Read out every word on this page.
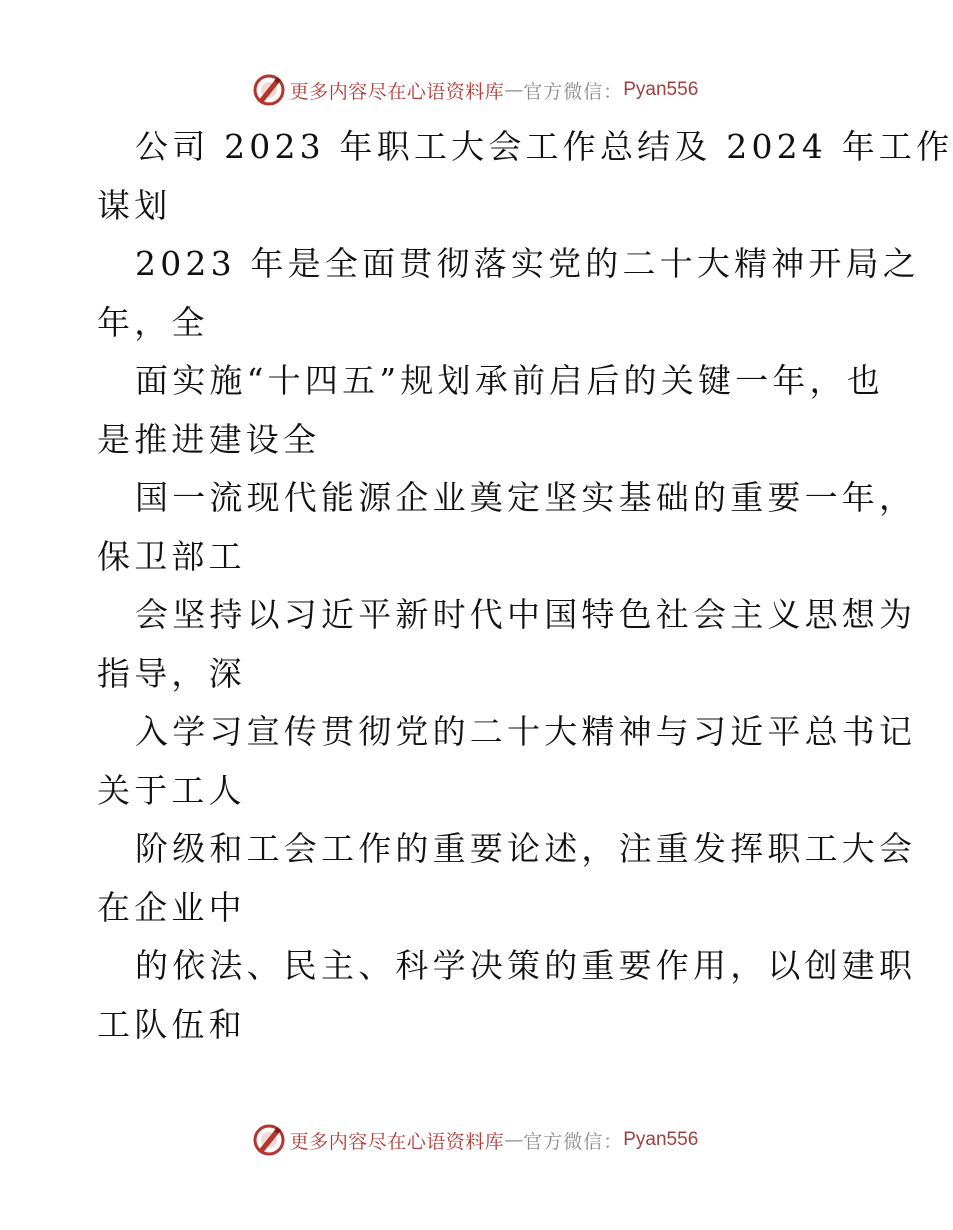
更多内容尽在心语资料库 — 官方微信： Pyan556
公司 2023 年职工大会工作总结及 2024 年工作
谋划
2023 年是全面贯彻落实党的二十大精神开局之
年，全
面实施“十四五”规划承前启后的关键一年，也
是推进建设全
国一流现代能源企业奠定坚实基础的重要一年，
保卫部工
会坚持以习近平新时代中国特色社会主义思想为
指导，深
入学习宣传贯彻党的二十大精神与习近平总书记
关于工人
阶级和工会工作的重要论述，注重发挥职工大会
在企业中
的依法、民主、科学决策的重要作用，以创建职
工队伍和
更多内容尽在心语资料库 — 官方微信： Pyan556
